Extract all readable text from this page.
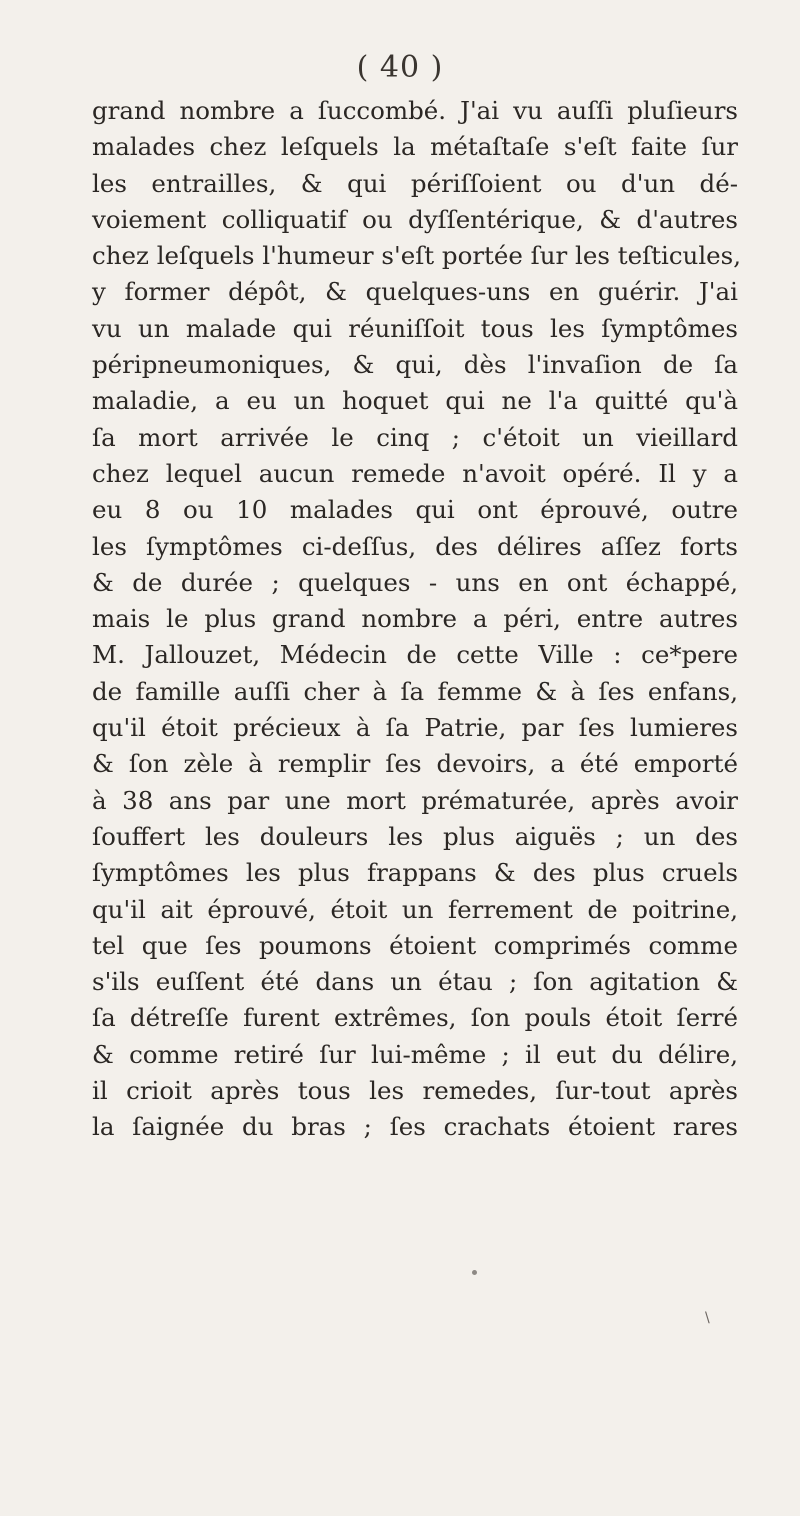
( 40 )
grand nombre a ſuccombé. J'ai vu auſſi pluſieurs
malades chez leſquels la métaſtaſe s'eſt faite ſur
les entrailles, & qui périſſoient ou d'un dé-
voiement colliquatif ou dyſſentérique, & d'autres
chez leſquels l'humeur s'eſt portée ſur les teſticules,
y former dépôt, & quelques-uns en guérir. J'ai
vu un malade qui réuniſſoit tous les ſymptômes
péripneumoniques, & qui, dès l'invaſion de ſa
maladie, a eu un hoquet qui ne l'a quitté qu'à
ſa mort arrivée le cinq ; c'étoit un vieillard
chez lequel aucun remede n'avoit opéré. Il y a
eu 8 ou 10 malades qui ont éprouvé, outre
les ſymptômes ci-deſſus, des délires aſſez forts
& de durée ; quelques - uns en ont échappé,
mais le plus grand nombre a péri, entre autres
M. Jallouzet, Médecin de cette Ville : ce*pere
de famille auſſi cher à ſa femme & à ſes enfans,
qu'il étoit précieux à ſa Patrie, par ſes lumieres
& ſon zèle à remplir ſes devoirs, a été emporté
à 38 ans par une mort prématurée, après avoir
ſouffert les douleurs les plus aiguës ; un des
ſymptômes les plus frappans & des plus cruels
qu'il ait éprouvé, étoit un ferrement de poitrine,
tel que ſes poumons étoient comprimés comme
s'ils euſſent été dans un étau ; ſon agitation &
ſa détreſſe furent extrêmes, ſon pouls étoit ſerré
& comme retiré ſur lui-même ; il eut du délire,
il crioit après tous les remedes, ſur-tout après
la ſaignée du bras ; ſes crachats étoient rares
\
